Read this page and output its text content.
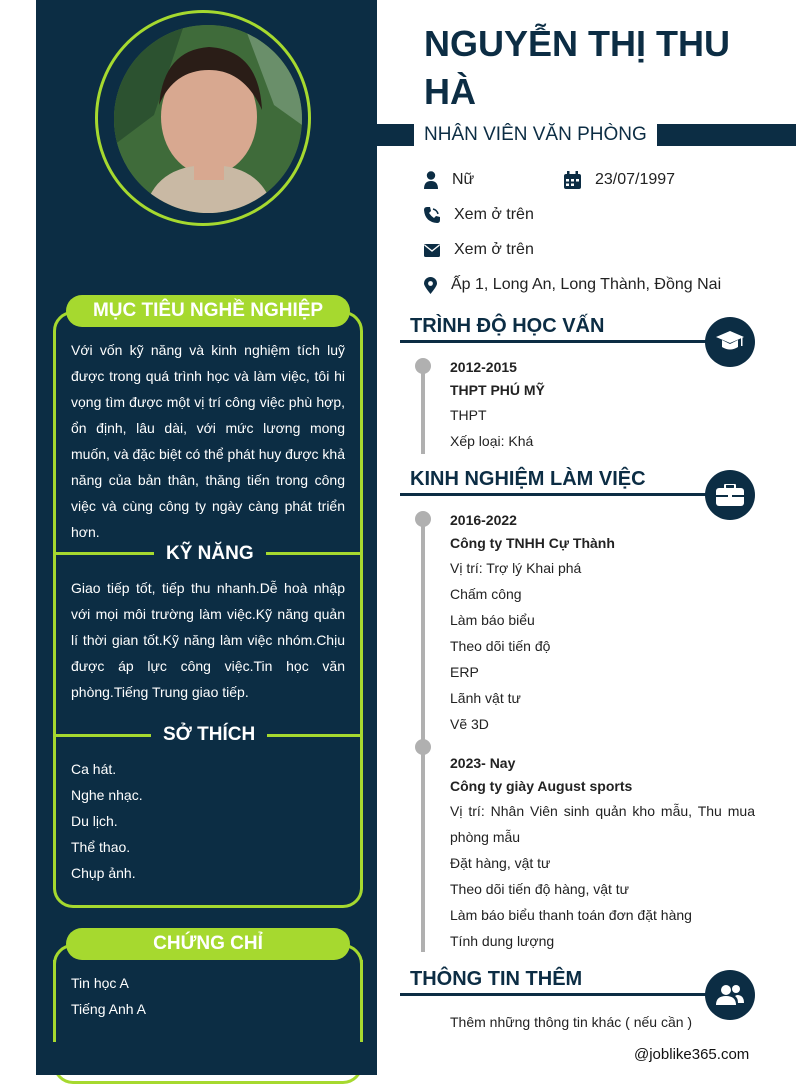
MỤC TIÊU NGHỀ NGHIỆP
Với vốn kỹ năng và kinh nghiệm tích luỹ được trong quá trình học và làm việc, tôi hi vọng tìm được một vị trí công việc phù hợp, ổn định, lâu dài, với mức lương mong muốn, và đặc biệt có thể phát huy được khả năng của bản thân, thăng tiến trong công việc và cùng công ty ngày càng phát triển hơn.
KỸ NĂNG
Giao tiếp tốt, tiếp thu nhanh.Dễ hoà nhập với mọi môi trường làm việc.Kỹ năng quản lí thời gian tốt.Kỹ năng làm việc nhóm.Chịu được áp lực công việc.Tin học văn phòng.Tiếng Trung giao tiếp.
SỞ THÍCH
Ca hát.
Nghe nhạc.
Du lịch.
Thể thao.
Chụp ảnh.
CHỨNG CHỈ
Tin học A
Tiếng Anh A
NGUYỄN THỊ THU HÀ
NHÂN VIÊN VĂN PHÒNG
Nữ	23/07/1997
Xem ở trên
Xem ở trên
Ấp 1, Long An, Long Thành, Đồng Nai
TRÌNH ĐỘ HỌC VẤN
2012-2015
THPT PHÚ MỸ
THPT
Xếp loại: Khá
KINH NGHIỆM LÀM VIỆC
2016-2022
Công ty TNHH Cự Thành
Vị trí: Trợ lý Khai phá
Chấm công
Làm báo biểu
Theo dõi tiến độ
ERP
Lãnh vật tư
Vẽ 3D
2023- Nay
Công ty giày August sports
Vị trí: Nhân Viên sinh quản kho mẫu, Thu mua phòng mẫu
Đặt hàng, vật tư
Theo dõi tiến độ hàng, vật tư
Làm báo biểu thanh toán đơn đặt hàng
Tính dung lượng
THÔNG TIN THÊM
Thêm những thông tin khác ( nếu cần )
@joblike365.com
